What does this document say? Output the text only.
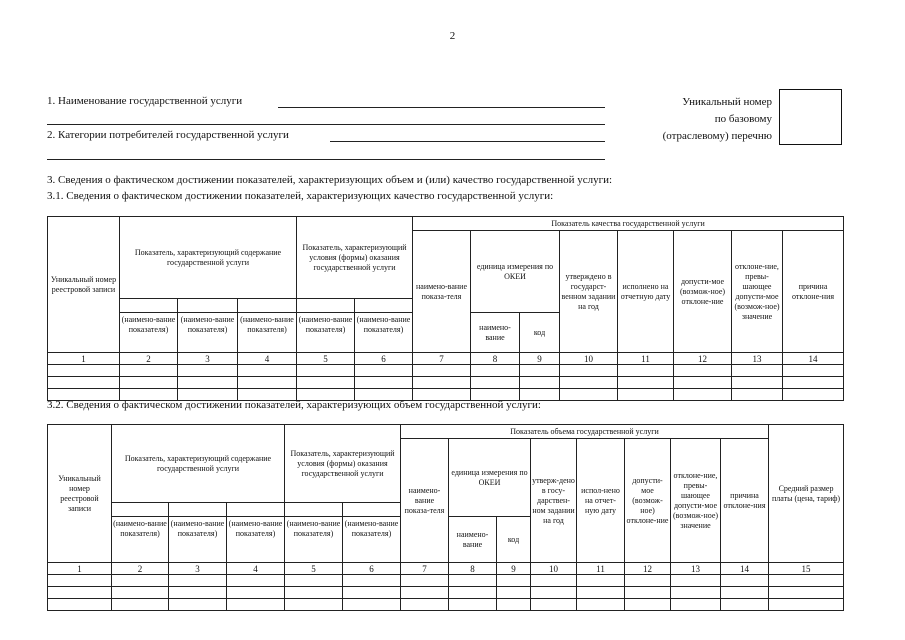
2
1. Наименование государственной услуги
2. Категории потребителей государственной услуги
Уникальный номер
по базовому
(отраслевому) перечню
3. Сведения о фактическом достижении показателей, характеризующих объем и (или) качество государственной услуги:
3.1. Сведения о фактическом достижении показателей, характеризующих качество государственной услуги:
Уникальный номер реестровой записи	Показатель, характеризующий содержание государственной услуги			Показатель, характеризующий условия (формы) оказания государственной услуги		Показатель качества государственной услуги							
						наимено-вание показа-теля	единица измерения по ОКЕИ		утверждено в государст-венном задании на год	исполнено на отчетную дату	допусти-мое (возмож-ное) отклоне-ние	отклоне-ние, превы-шающее допусти-мое (возмож-ное) значение	причина отклоне-ния

	(наимено-вание показателя)	(наимено-вание показателя)	(наимено-вание показателя)	(наимено-вание показателя)	(наимено-вание показателя)		наимено-вание	код					
1	2	3	4	5	6	7	8	9	10	11	12	13	14

3.2. Сведения о фактическом достижении показателей, характеризующих объем государственной услуги:
Уникальный номер реестровой записи	Показатель, характеризующий содержание государственной услуги			Показатель, характеризующий условия (формы) оказания государственной услуги		Показатель объема государственной услуги								Средний размер платы (цена, тариф)
						наимено-вание показа-теля	единица измерения по ОКЕИ		утверж-дено в госу-дарствен-ном задании на год	испол-нено на отчет-ную дату	допусти-мое (возмож-ное) отклоне-ние	отклоне-ние, превы-шающее допусти-мое (возмож-ное) значение	причина отклоне-ния	

	(наимено-вание показателя)	(наимено-вание показателя)	(наимено-вание показателя)	(наимено-вание показателя)	(наимено-вание показателя)		наимено-вание	код						
1	2	3	4	5	6	7	8	9	10	11	12	13	14	15
